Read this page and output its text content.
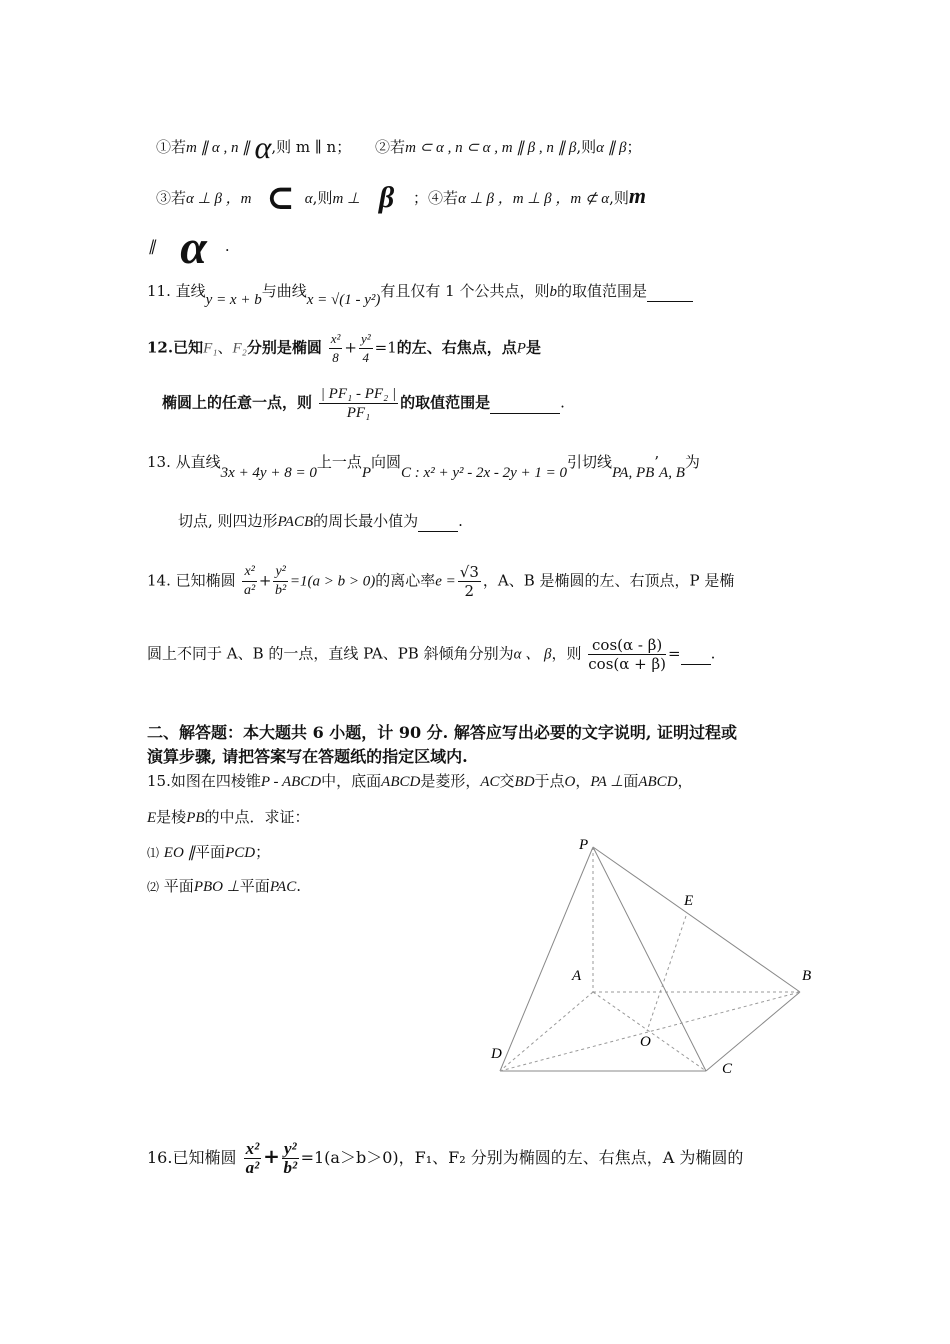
①若m ∥ α , n ∥ α,则 m ∥ n； ②若m ⊂ α , n ⊂ α , m ∥ β , n ∥ β,则α ∥ β；
③若α ⊥ β ，m ⊂ α,则m ⊥ β ；④若α ⊥ β ，m ⊥ β ，m ⊄ α,则m
∥ α .
11. 直线y = x + b与曲线x = √(1 - y²)有且仅有 1 个公共点，则b的取值范围是
12.已知F₁、F₂分别是椭圆 $\frac{\text{x²}}{8} + \frac{\text{y²}}{4} =1$的左、右焦点，点P是
椭圆上的任意一点，则 $\frac{\text{| PF₁ - PF₂ |}}{\text{PF₁}}$ 的取值范围是	.
13. 从直线3x + 4y + 8 = 0上一点P向圆C : x² + y² - 2x - 2y + 1 = 0引切线PA, PB’A, B为
切点, 则四边形PACB的周长最小值为	.
14. 已知椭圆 $\frac{\text{x²}}{\text{a²}} + \frac{\text{y²}}{\text{b²}} =1(a > b > 0)$的离心率$e = \frac{√3}{2}$ ，A、B 是椭圆的左、右顶点，P 是椭
圆上不同于 A、B 的一点，直线 PA、PB 斜倾角分别为α 、 β，则 $\frac{\cos(\alpha - \beta)}{\cos(\alpha + \beta)}$ = .
二、解答题：本大题共 6 小题，计 90 分. 解答应写出必要的文字说明, 证明过程或
演算步骤, 请把答案写在答题纸的指定区域内.
15.如图在四棱锥P - ABCD中，底面ABCD是菱形，AC交BD于点O，PA ⊥面ABCD，
E是棱PB的中点．求证：
⑴ EO ∥平面PCD；
⑵ 平面PBO ⊥平面PAC.
P
E
A	B
D
O
C
16.已知椭圆 $\frac{\text{x²}}{\text{a²}} + \frac{\text{y²}}{\text{b²}} =1(a>b>0)$，F₁、F₂ 分别为椭圆的左、右焦点，A 为椭圆的
